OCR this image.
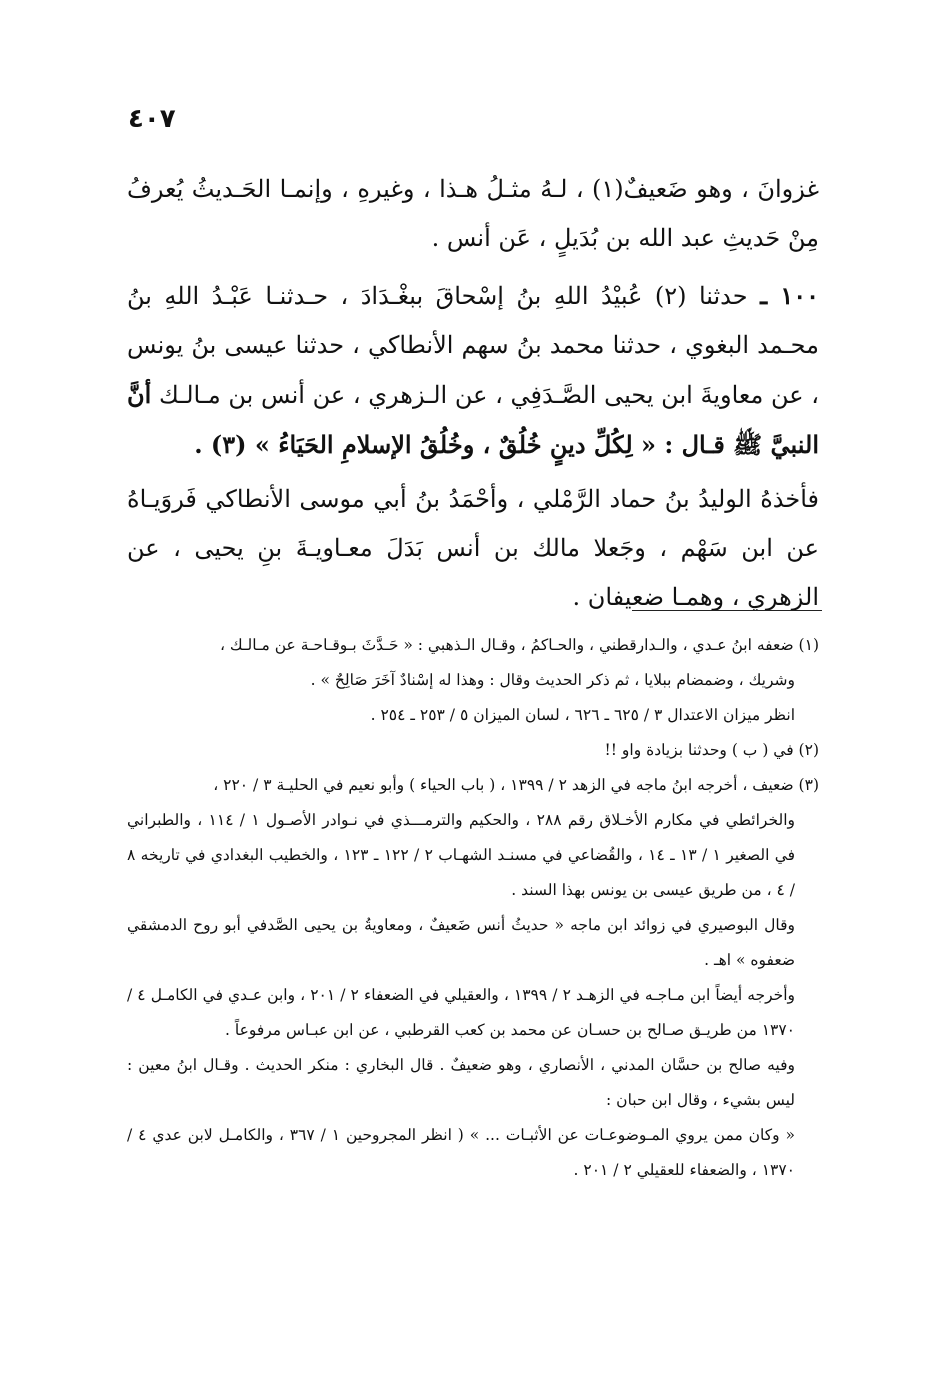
٤٠٧

غزوانَ ، وهو ضَعيفٌ(١) ، لـهُ مثـلُ هـذا ، وغيرهِ ، وإنمـا الحَـديثُ يُعرفُ مِنْ حَديثِ عبد الله بن بُدَيلٍ ، عَن أنس .

١٠٠ ـ حدثنا (٢) عُبيْدُ اللهِ بنُ إسْحاقَ ببغْـدَادَ ، حـدثنـا عَبْـدُ اللهِ بنُ محـمد البغوي ، حدثنا محمد بنُ سهم الأنطاكي ، حدثنا عيسى بنُ يونس ، عن معاويةَ ابن يحيى الصَّـدَفِي ، عن الـزهري ، عن أنس بن مـالـك أنَّ النبيَّ ﷺ قـال : « لِكُلِّ دينٍ خُلُقٌ ، وخُلُقُ الإسلامِ الحَيَاءُ » (٣) .

فأخذهُ الوليدُ بنُ حماد الرَّمْلي ، وأحْمَدُ بنُ أبي موسى الأنطاكي فَروَيـاهُ عن ابن سَهْم ، وجَعلا مالك بن أنس بَدَلَ معـاويـةَ بنِ يحيى ، عن الزهري ، وهمـا ضعيفان .

(١) ضعفه ابنُ عـدي ، والـدارقطني ، والحـاكمُ ، وقـال الـذهبي : « حَـدَّثَ بـوقـاحـة عن مـالـك ،
وشريك ، وضمضام ببلايا ، ثم ذكر الحديث وقال : وهذا له إسْنادٌ آخَرَ صَالِحٌ » .
انظر ميزان الاعتدال ٣ / ٦٢٥ ـ ٦٢٦ ، لسان الميزان ٥ / ٢٥٣ ـ ٢٥٤ .
(٢) في ( ب ) وحدثنا بزيادة واو !!
(٣) ضعيف ، أخرجه ابنُ ماجه في الزهد ٢ / ١٣٩٩ ، ( باب الحياء ) وأبو نعيم في الحليـة ٣ / ٢٢٠ ،

والخرائطي في مكارم الأخـلاق رقم ٢٨٨ ، والحكيم والترمـــذي في نـوادر الأصـول ١ / ١١٤ ، والطبراني في الصغير ١ / ١٣ ـ ١٤ ، والقُضاعي في مسنـد الشهـاب ٢ / ١٢٢ ـ ١٢٣ ، والخطيب البغدادي في تاريخه ٨ / ٤ ، من طريق عيسى بن يونس بهذا السند .

وقال البوصيري في زوائد ابن ماجه « حديثُ أنس ضَعيفٌ ، ومعاويةُ بن يحيى الصَّدفي أبو روح الدمشقي ضعفوه » اهـ .

وأخرجه أيضاً ابن مـاجـه في الزهـد ٢ / ١٣٩٩ ، والعقيلي في الضعفاء ٢ / ٢٠١ ، وابن عـدي في الكامـل ٤ / ١٣٧٠ من طريـق صـالح بن حسـان عن محمد بن كعب القرطبي ، عن ابن عبـاس مرفوعاً .

وفيه صالح بن حسَّان المدني ، الأنصاري ، وهو ضعيفٌ . قال البخاري : منكر الحديث . وقـال ابنُ معين : ليس بشيء ، وقال ابن حبان :

« وكان ممن يروي المـوضوعـات عن الأثبـات ... » ( انظر المجروحين ١ / ٣٦٧ ، والكامـل لابن عدي ٤ / ١٣٧٠ ، والضعفاء للعقيلي ٢ / ٢٠١ .
